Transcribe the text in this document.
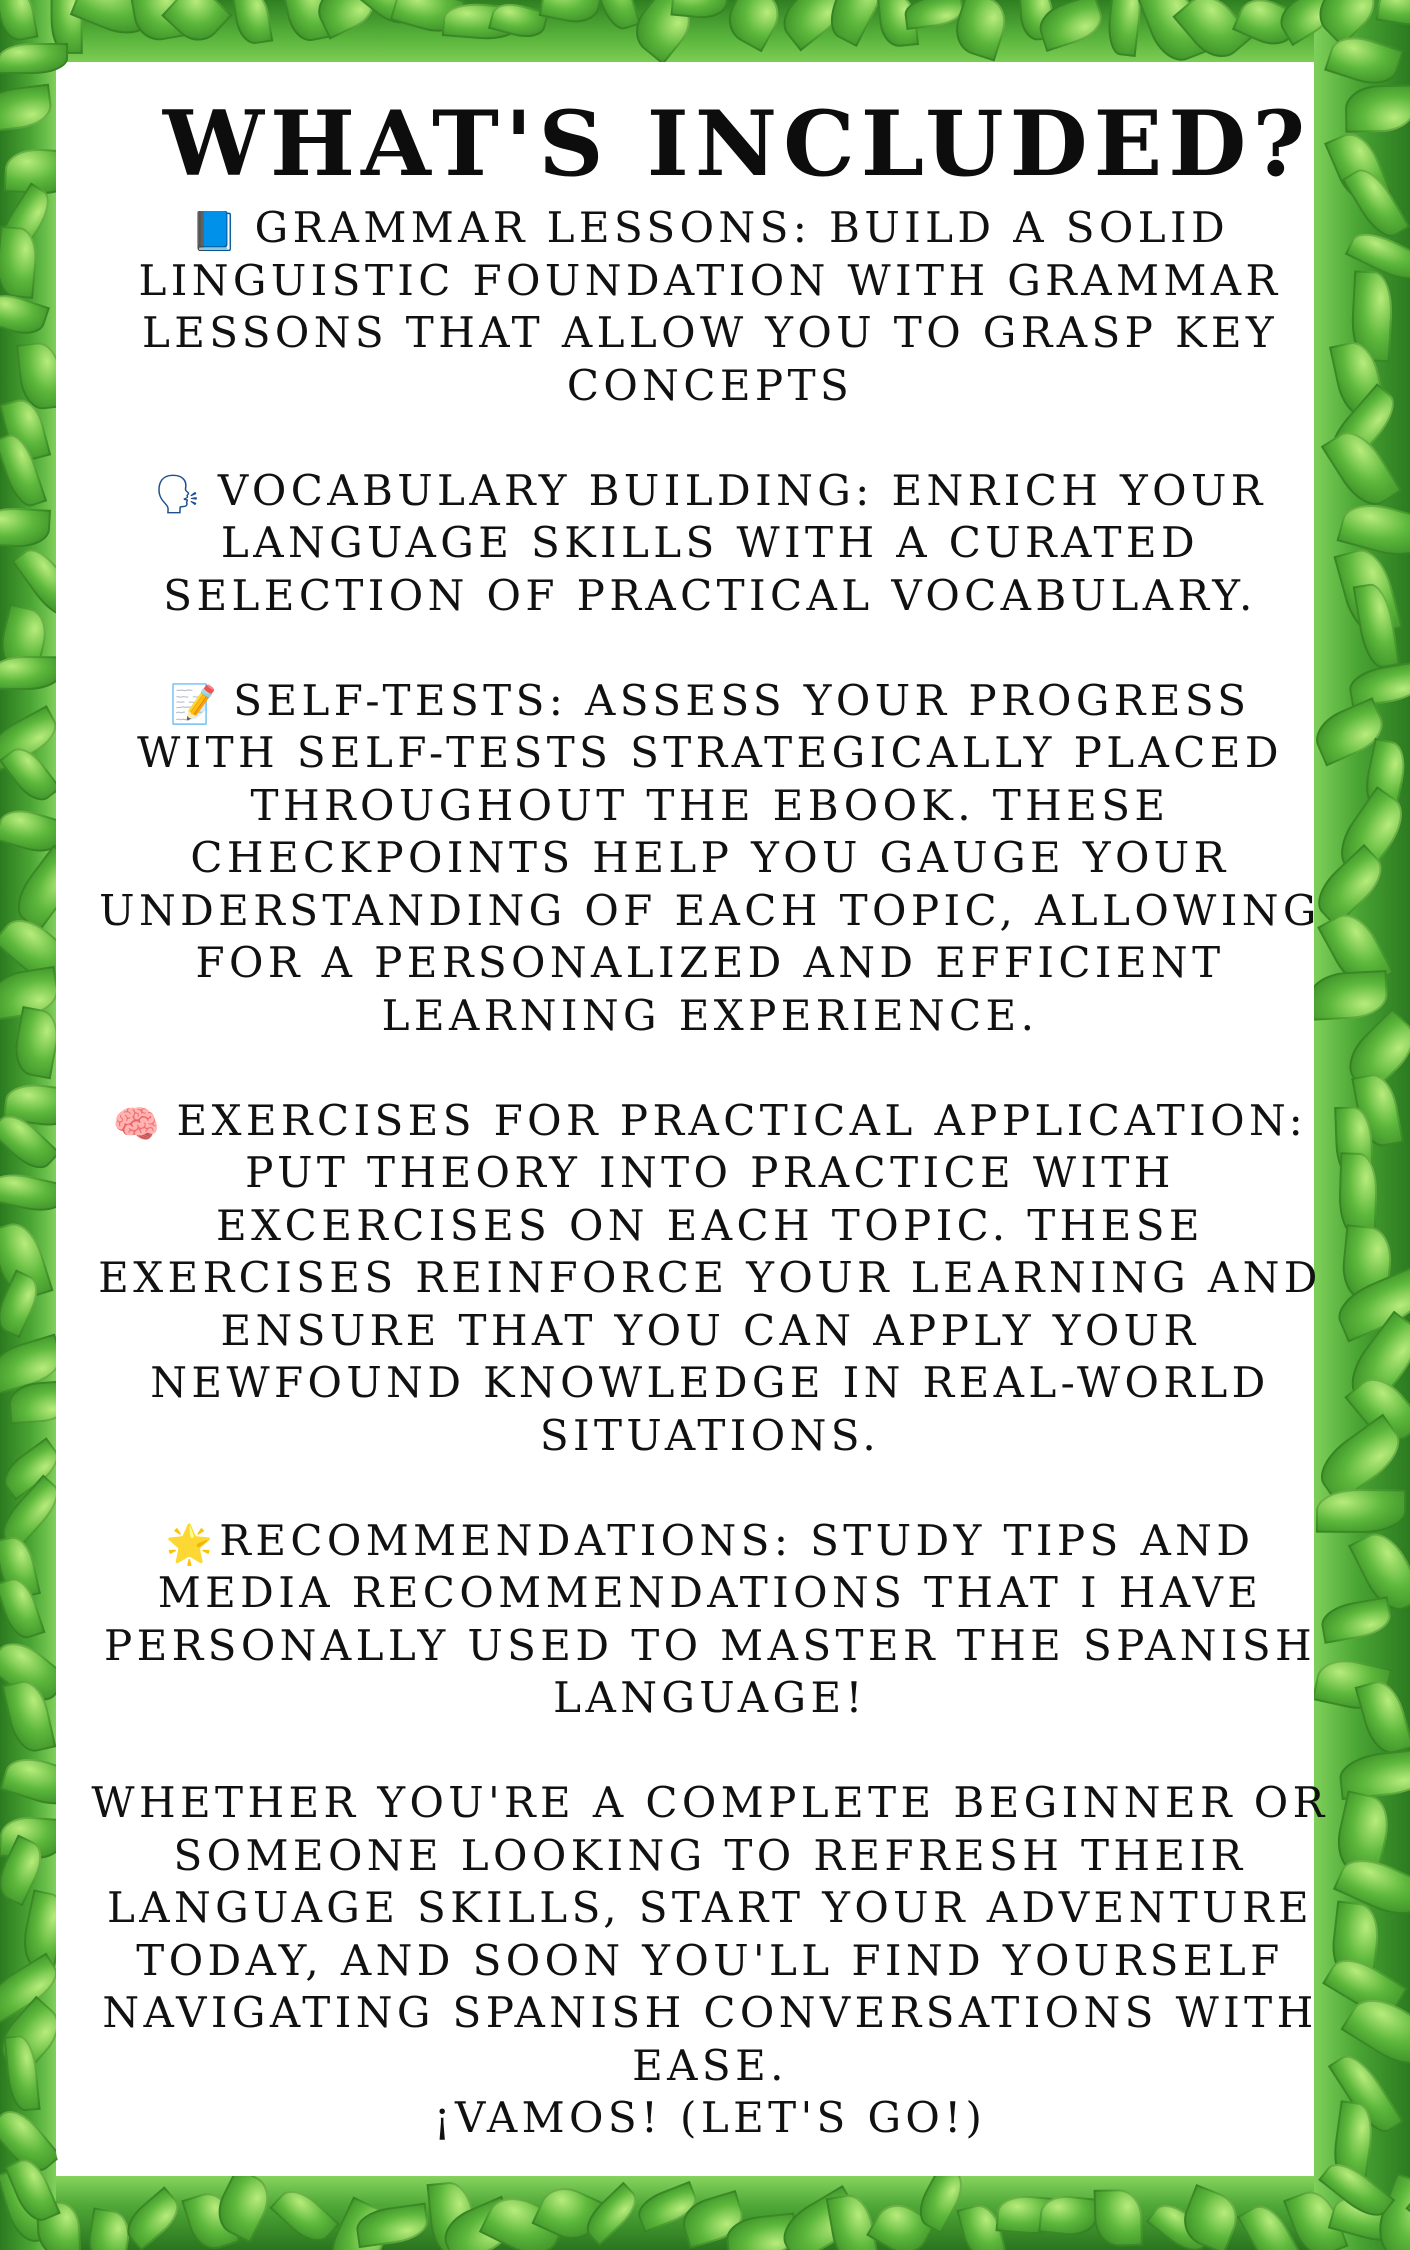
WHAT'S INCLUDED?

📘 GRAMMAR LESSONS: BUILD A SOLID LINGUISTIC FOUNDATION WITH GRAMMAR LESSONS THAT ALLOW YOU TO GRASP KEY CONCEPTS

🗣 VOCABULARY BUILDING: ENRICH YOUR LANGUAGE SKILLS WITH A CURATED SELECTION OF PRACTICAL VOCABULARY.

📝 SELF-TESTS: ASSESS YOUR PROGRESS WITH SELF-TESTS STRATEGICALLY PLACED THROUGHOUT THE EBOOK. THESE CHECKPOINTS HELP YOU GAUGE YOUR UNDERSTANDING OF EACH TOPIC, ALLOWING FOR A PERSONALIZED AND EFFICIENT LEARNING EXPERIENCE.

🧠 EXERCISES FOR PRACTICAL APPLICATION: PUT THEORY INTO PRACTICE WITH EXCERCISES ON EACH TOPIC. THESE EXERCISES REINFORCE YOUR LEARNING AND ENSURE THAT YOU CAN APPLY YOUR NEWFOUND KNOWLEDGE IN REAL-WORLD SITUATIONS.

🌟RECOMMENDATIONS: STUDY TIPS AND MEDIA RECOMMENDATIONS THAT I HAVE PERSONALLY USED TO MASTER THE SPANISH LANGUAGE!

WHETHER YOU'RE A COMPLETE BEGINNER OR SOMEONE LOOKING TO REFRESH THEIR LANGUAGE SKILLS, START YOUR ADVENTURE TODAY, AND SOON YOU'LL FIND YOURSELF NAVIGATING SPANISH CONVERSATIONS WITH EASE.
¡VAMOS! (LET'S GO!)
